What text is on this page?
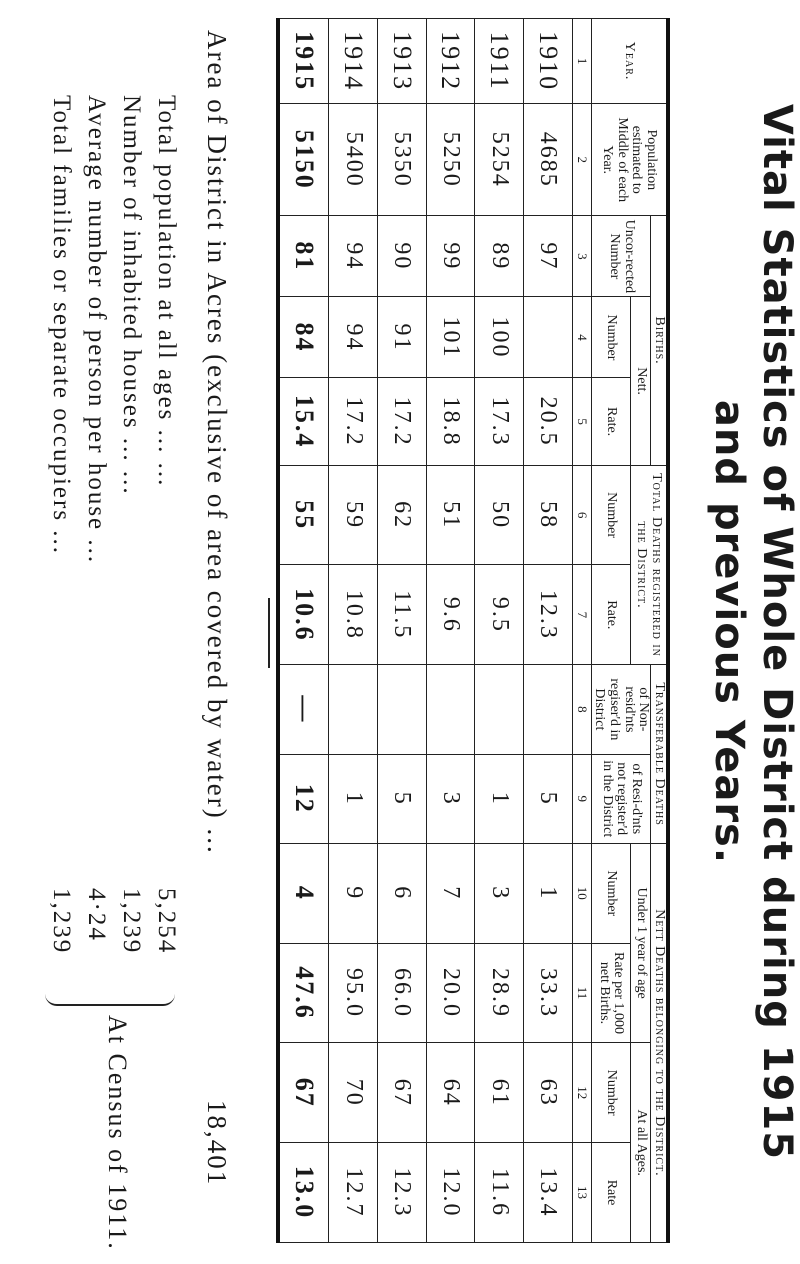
Vital Statistics of Whole District during 1915
and previous Years.
Year.	Population estimated to Middle of each Year.	Births.			Total Deaths registered in the District.		Transferable Deaths		Nett Deaths belonging to the District.			
		Uncor-rected Number	Nett.				of Non-resid'nts regiser'd in District	of Resi-d'nts not register'd in the District	Under 1 year of age		At all Ages.	
			Number	Rate.	Number	Rate.			Number	Rate per 1,000 nett Births.	Number	Rate
1	2	3	4	5	6	7	8	9	10	11	12	13
1910	4685	97		20.5	58	12.3		5	1	33.3	63	13.4
1911	5254	89	100	17.3	50	9.5		1	3	28.9	61	11.6
1912	5250	99	101	18.8	51	9.6		3	7	20.0	64	12.0
1913	5350	90	91	17.2	62	11.5		5	6	66.0	67	12.3
1914	5400	94	94	17.2	59	10.8		1	9	95.0	70	12.7
1915	5150	81	84	15.4	55	10.6	—	12	4	47.6	67	13.0
Area of District in Acres (exclusive of area covered by water) ...
18,401
Total population at all ages ... ...
5,254
Number of inhabited houses ... ...
1,239
Average number of person per house ...
4·24
Total families or separate occupiers ...
1,239
At Census of 1911.
